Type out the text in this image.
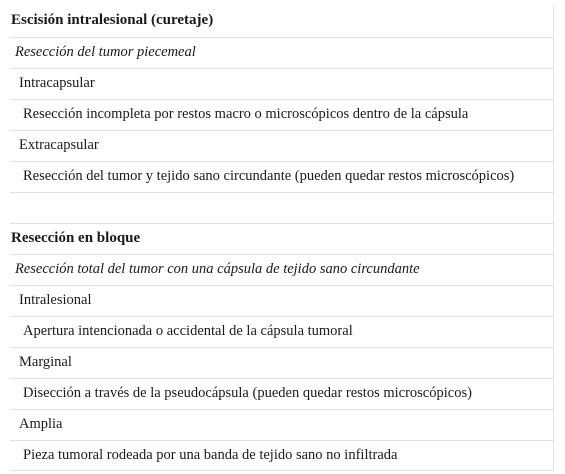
Escisión intralesional (curetaje)
Resección del tumor piecemeal
Intracapsular
Resección incompleta por restos macro o microscópicos dentro de la cápsula
Extracapsular
Resección del tumor y tejido sano circundante (pueden quedar restos microscópicos)
Resección en bloque
Resección total del tumor con una cápsula de tejido sano circundante
Intralesional
Apertura intencionada o accidental de la cápsula tumoral
Marginal
Disección a través de la pseudocápsula (pueden quedar restos microscópicos)
Amplia
Pieza tumoral rodeada por una banda de tejido sano no infiltrada
